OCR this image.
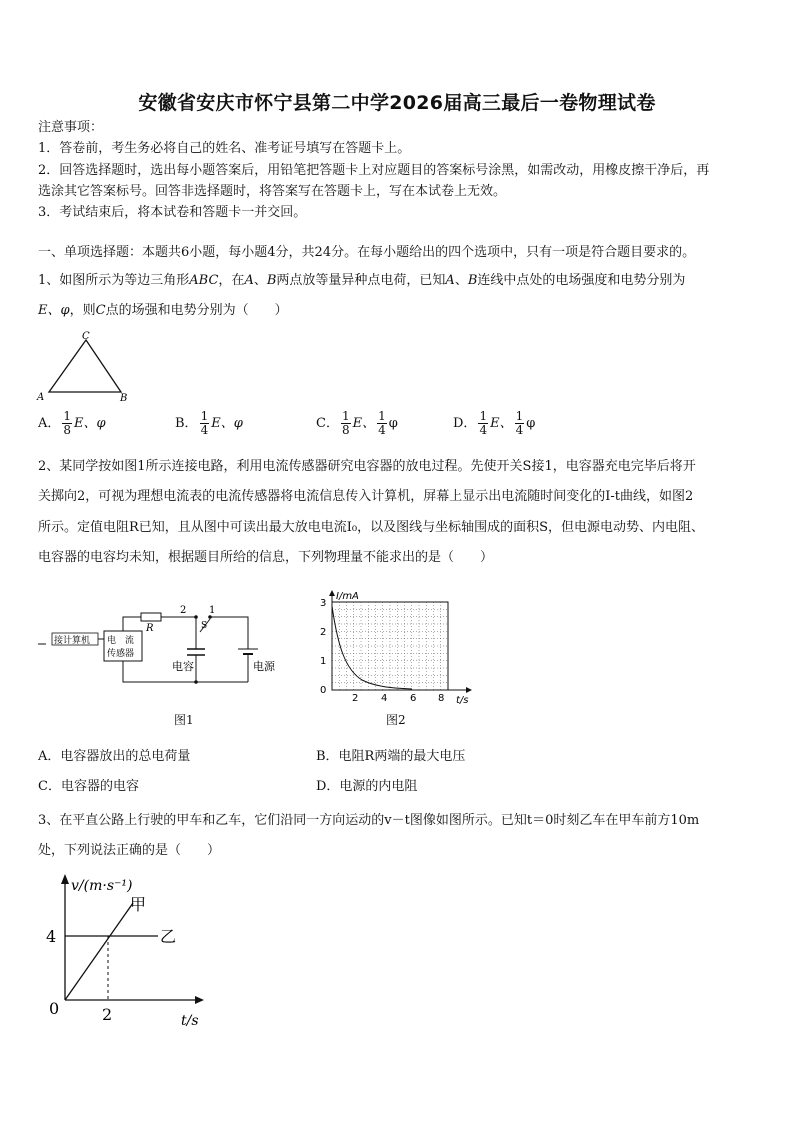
安徽省安庆市怀宁县第二中学2026届高三最后一卷物理试卷
注意事项：
1．答卷前，考生务必将自己的姓名、准考证号填写在答题卡上。
2．回答选择题时，选出每小题答案后，用铅笔把答题卡上对应题目的答案标号涂黑，如需改动，用橡皮擦干净后，再
选涂其它答案标号。回答非选择题时，将答案写在答题卡上，写在本试卷上无效。
3．考试结束后，将本试卷和答题卡一并交回。
一、单项选择题：本题共6小题，每小题4分，共24分。在每小题给出的四个选项中，只有一项是符合题目要求的。
1、如图所示为等边三角形ABC，在A、B两点放等量异种点电荷，已知A、B连线中点处的电场强度和电势分别为
E、φ，则C点的场强和电势分别为（　　）
C
A	B
A． $\frac{1}{8}$ E、φ	B． $\frac{1}{4}$ E、φ	C． $\frac{1}{8}$ E、 $\frac{1}{4}$ φ	D． $\frac{1}{4}$ E、 $\frac{1}{4}$ φ
2、某同学按如图1所示连接电路，利用电流传感器研究电容器的放电过程。先使开关S接1，电容器充电完毕后将开
关掷向2，可视为理想电流表的电流传感器将电流信息传入计算机，屏幕上显示出电流随时间变化的I-t曲线，如图2
所示。定值电阻R已知，且从图中可读出最大放电电流I₀，以及图线与坐标轴围成的面积S，但电源电动势、内电阻、
电容器的电容均未知，根据题目所给的信息，下列物理量不能求出的是（　　）
接计算机 电　流
传感器
R
2 1
S
电容	电源
图1
I/mA
t/s
3
2
1
0
2 4 6 8
图2
A．电容器放出的总电荷量	B．电阻R两端的最大电压
C．电容器的电容	D．电源的内电阻
3、在平直公路上行驶的甲车和乙车，它们沿同一方向运动的v－t图像如图所示。已知t＝0时刻乙车在甲车前方10m
处，下列说法正确的是（　　）
v/(m·s⁻¹)
甲
乙
4
2
0
t/s
